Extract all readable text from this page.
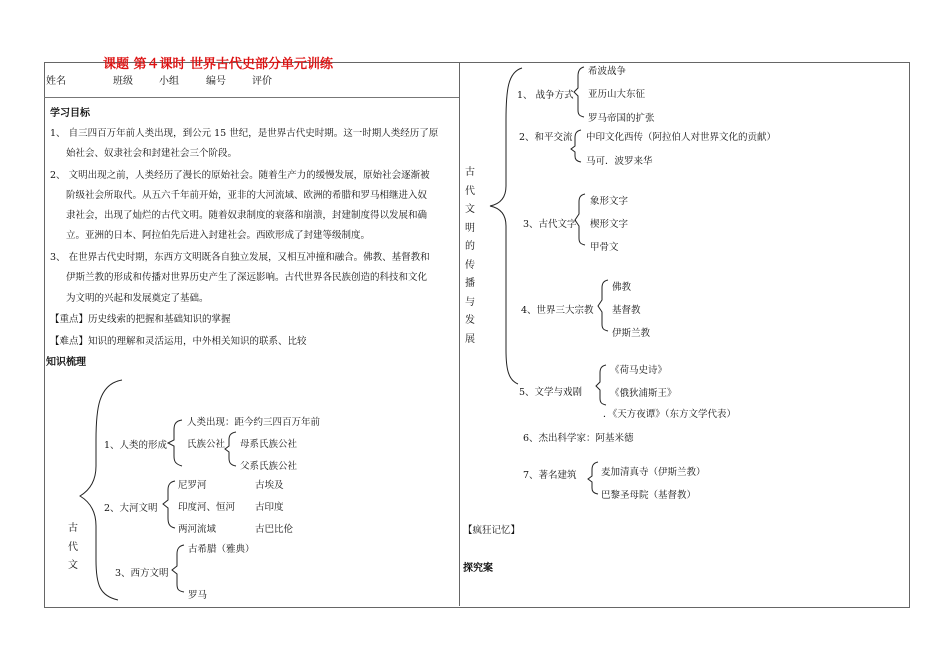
课题 第４课时 世界古代史部分单元训练
姓名	班级	小组	编号	评价
学习目标
1、 自三四百万年前人类出现，到公元 15 世纪，是世界古代史时期。这一时期人类经历了原
始社会、奴隶社会和封建社会三个阶段。
2、 文明出现之前，人类经历了漫长的原始社会。随着生产力的缓慢发展，原始社会逐渐被
阶级社会所取代。从五六千年前开始，亚非的大河流域、欧洲的希腊和罗马相继进入奴
隶社会，出现了灿烂的古代文明。随着奴隶制度的衰落和崩溃，封建制度得以发展和确
立。亚洲的日本、阿拉伯先后进入封建社会。西欧形成了封建等级制度。
3、 在世界古代史时期，东西方文明既各自独立发展，又相互冲撞和融合。佛教、基督教和
伊斯兰教的形成和传播对世界历史产生了深远影响。古代世界各民族创造的科技和文化
为文明的兴起和发展奠定了基础。
【重点】历史线索的把握和基础知识的掌握
【难点】知识的理解和灵活运用，中外相关知识的联系、比较
知识梳理
古代文
1、人类的形成
人类出现：距今约三四百万年前
氏族公社 母系氏族公社
父系氏族公社
2、大河文明
尼罗河	古埃及
印度河、恒河 古印度
两河流域	古巴比伦
3、西方文明
古希腊（雅典）
罗马
古代文明的传播与发展
1、 战争方式
希波战争
亚历山大东征
罗马帝国的扩张
2、和平交流 中印文化西传（阿拉伯人对世界文化的贡献）
马可．波罗来华
3、古代文字
象形文字
楔形文字
甲骨文
4、世界三大宗教
佛教
基督教
伊斯兰教
5、文学与戏剧
《荷马史诗》
《俄狄浦斯王》
．《天方夜谭》（东方文学代表）
6、杰出科学家：阿基米德
7、著名建筑	麦加清真寺（伊斯兰教）
巴黎圣母院（基督教）
【疯狂记忆】
探究案
